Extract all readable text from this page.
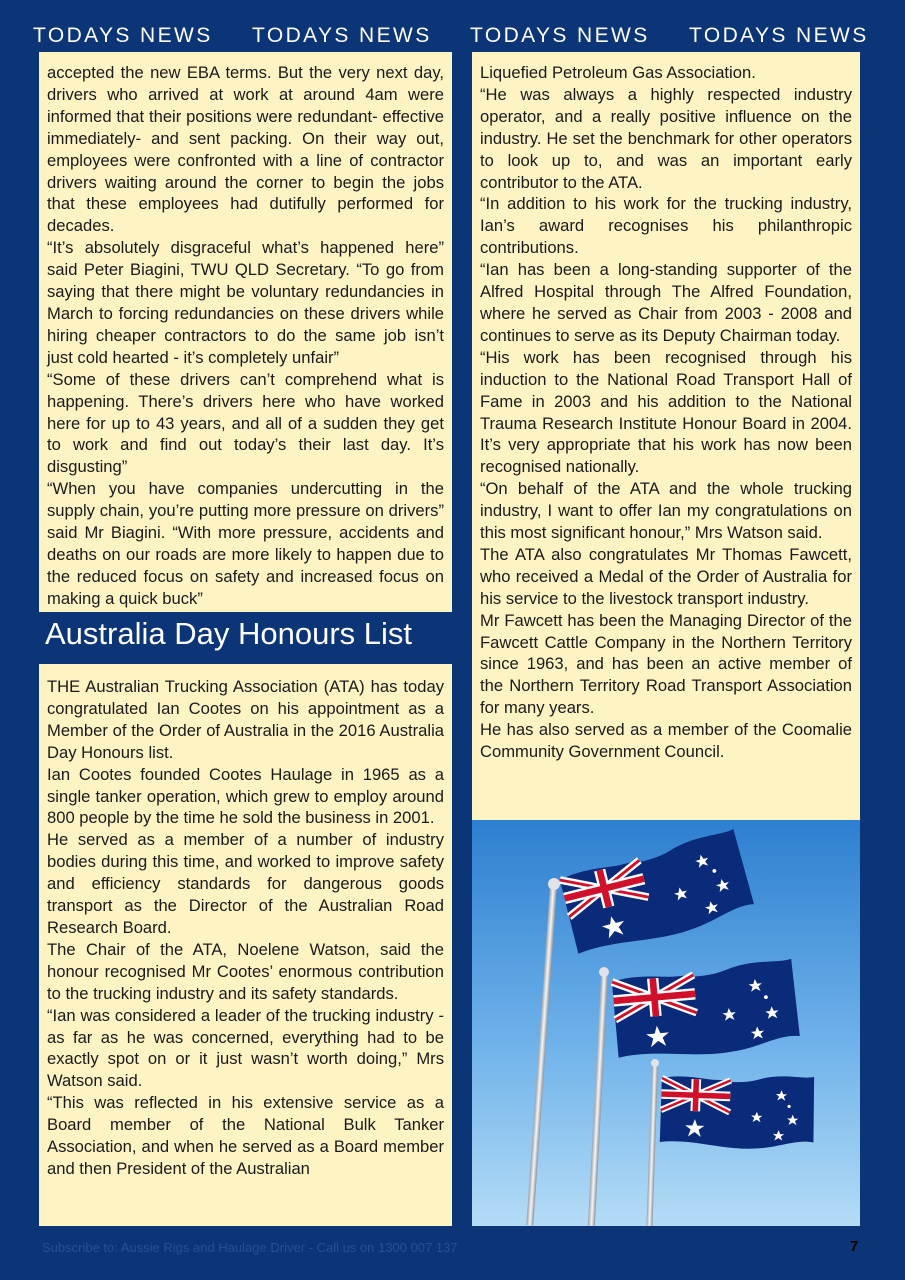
TODAYS NEWS TODAYS NEWS TODAYS NEWS TODAYS NEWS

accepted the new EBA terms. But the very next day, drivers who arrived at work at around 4am were informed that their positions were redundant- effective immediately- and sent packing. On their way out, employees were confronted with a line of contractor drivers waiting around the corner to begin the jobs that these employees had dutifully performed for decades.

“It’s absolutely disgraceful what’s happened here” said Peter Biagini, TWU QLD Secretary. “To go from saying that there might be voluntary redundancies in March to forcing redundancies on these drivers while hiring cheaper contractors to do the same job isn’t just cold hearted - it’s completely unfair”

“Some of these drivers can’t comprehend what is happening. There’s drivers here who have worked here for up to 43 years, and all of a sudden they get to work and find out today’s their last day. It’s disgusting”

“When you have companies undercutting in the supply chain, you’re putting more pressure on drivers” said Mr Biagini. “With more pressure, accidents and deaths on our roads are more likely to happen due to the reduced focus on safety and increased focus on making a quick buck”

Australia Day Honours List

THE Australian Trucking Association (ATA) has today congratulated Ian Cootes on his appointment as a Member of the Order of Australia in the 2016 Australia Day Honours list.

Ian Cootes founded Cootes Haulage in 1965 as a single tanker operation, which grew to employ around 800 people by the time he sold the business in 2001.

He served as a member of a number of industry bodies during this time, and worked to improve safety and efficiency standards for dangerous goods transport as the Director of the Australian Road Research Board.

The Chair of the ATA, Noelene Watson, said the honour recognised Mr Cootes’ enormous contribution to the trucking industry and its safety standards.

“Ian was considered a leader of the trucking industry - as far as he was concerned, everything had to be exactly spot on or it just wasn’t worth doing,” Mrs Watson said.

“This was reflected in his extensive service as a Board member of the National Bulk Tanker Association, and when he served as a Board member and then President of the Australian

Liquefied Petroleum Gas Association.

“He was always a highly respected industry operator, and a really positive influence on the industry. He set the benchmark for other operators to look up to, and was an important early contributor to the ATA.

“In addition to his work for the trucking industry, Ian’s award recognises his philanthropic contributions.

“Ian has been a long-standing supporter of the Alfred Hospital through The Alfred Foundation, where he served as Chair from 2003 - 2008 and continues to serve as its Deputy Chairman today.

“His work has been recognised through his induction to the National Road Transport Hall of Fame in 2003 and his addition to the National Trauma Research Institute Honour Board in 2004. It’s very appropriate that his work has now been recognised nationally.

“On behalf of the ATA and the whole trucking industry, I want to offer Ian my congratulations on this most significant honour,” Mrs Watson said.

The ATA also congratulates Mr Thomas Fawcett, who received a Medal of the Order of Australia for his service to the livestock transport industry.

Mr Fawcett has been the Managing Director of the Fawcett Cattle Company in the Northern Territory since 1963, and has been an active member of the Northern Territory Road Transport Association for many years.

He has also served as a member of the Coomalie Community Government Council.

Subscribe to: Aussie Rigs and Haulage Driver - Call us on 1300 007 137	7
